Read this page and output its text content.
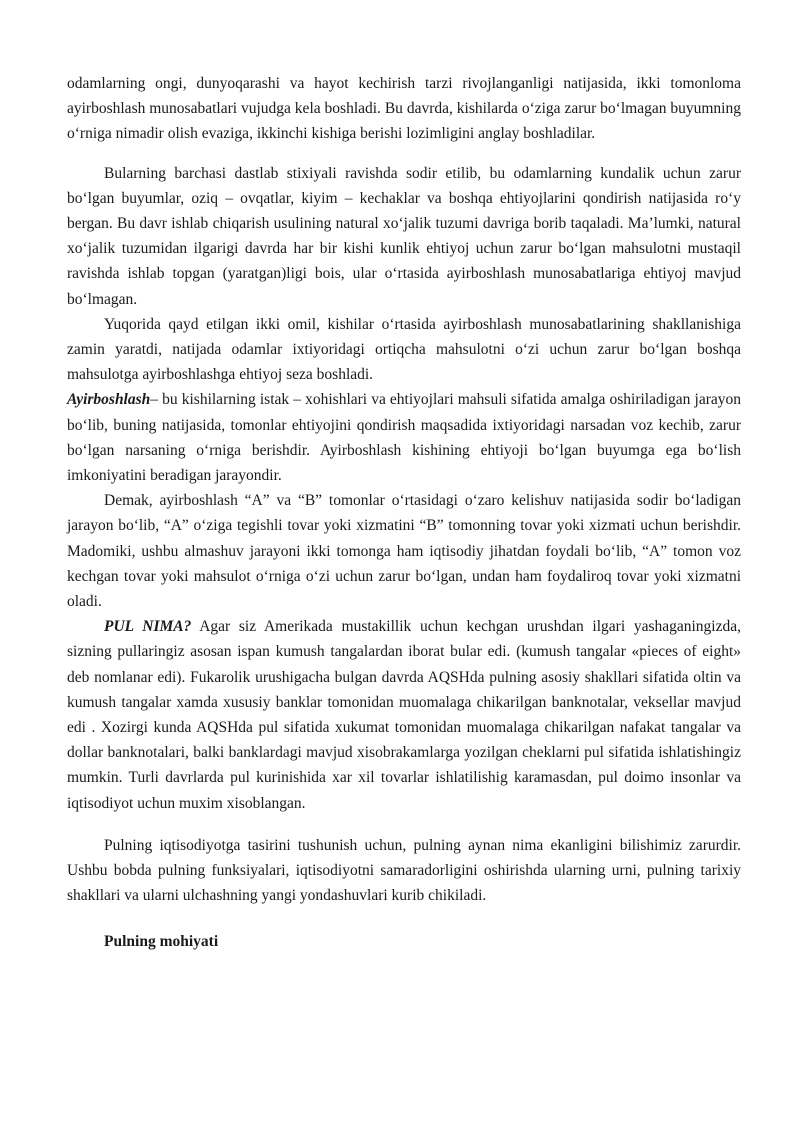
odamlarning ongi, dunyoqarashi va hayot kechirish tarzi rivojlanganligi natijasida, ikki tomonloma ayirboshlash munosabatlari vujudga kela boshladi. Bu davrda, kishilarda o‘ziga zarur bo‘lmagan buyumning o‘rniga nimadir olish evaziga, ikkinchi kishiga berishi lozimligini anglay boshladilar.

Bularning barchasi dastlab stixiyali ravishda sodir etilib, bu odamlarning kundalik uchun zarur bo‘lgan buyumlar, oziq – ovqatlar, kiyim – kechaklar va boshqa ehtiyojlarini qondirish natijasida ro‘y bergan. Bu davr ishlab chiqarish usulining natural xo‘jalik tuzumi davriga borib taqaladi. Ma’lumki, natural xo‘jalik tuzumidan ilgarigi davrda har bir kishi kunlik ehtiyoj uchun zarur bo‘lgan mahsulotni mustaqil ravishda ishlab topgan (yaratgan)ligi bois, ular o‘rtasida ayirboshlash munosabatlariga ehtiyoj mavjud bo‘lmagan.

Yuqorida qayd etilgan ikki omil, kishilar o‘rtasida ayirboshlash munosabatlarining shakllanishiga zamin yaratdi, natijada odamlar ixtiyoridagi ortiqcha mahsulotni o‘zi uchun zarur bo‘lgan boshqa mahsulotga ayirboshlashga ehtiyoj seza boshladi.

Ayirboshlash– bu kishilarning istak – xohishlari va ehtiyojlari mahsuli sifatida amalga oshiriladigan jarayon bo‘lib, buning natijasida, tomonlar ehtiyojini qondirish maqsadida ixtiyoridagi narsadan voz kechib, zarur bo‘lgan narsaning o‘rniga berishdir. Ayirboshlash kishining ehtiyoji bo‘lgan buyumga ega bo‘lish imkoniyatini beradigan jarayondir.

Demak, ayirboshlash “A” va “B” tomonlar o‘rtasidagi o‘zaro kelishuv natijasida sodir bo‘ladigan jarayon bo‘lib, “A” o‘ziga tegishli tovar yoki xizmatini “B” tomonning tovar yoki xizmati uchun berishdir. Madomiki, ushbu almashuv jarayoni ikki tomonga ham iqtisodiy jihatdan foydali bo‘lib, “A” tomon voz kechgan tovar yoki mahsulot o‘rniga o‘zi uchun zarur bo‘lgan, undan ham foydaliroq tovar yoki xizmatni oladi.

PUL NIMA? Agar siz Amerikada mustakillik uchun kechgan urushdan ilgari yashaganingizda, sizning pullaringiz asosan ispan kumush tangalardan iborat bular edi. (kumush tangalar «pieces of eight» deb nomlanar edi). Fukarolik urushigacha bulgan davrda AQSHda pulning asosiy shakllari sifatida oltin va kumush tangalar xamda xususiy banklar tomonidan muomalaga chikarilgan banknotalar, veksellar mavjud edi . Xozirgi kunda AQSHda pul sifatida xukumat tomonidan muomalaga chikarilgan nafakat tangalar va dollar banknotalari, balki banklardagi mavjud xisobrakamlarga yozilgan cheklarni pul sifatida ishlatishingiz mumkin. Turli davrlarda pul kurinishida xar xil tovarlar ishlatilishig karamasdan, pul doimo insonlar va iqtisodiyot uchun muxim xisoblangan.

Pulning iqtisodiyotga tasirini tushunish uchun, pulning aynan nima ekanligini bilishimiz zarurdir. Ushbu bobda pulning funksiyalari, iqtisodiyotni samaradorligini oshirishda ularning urni, pulning tarixiy shakllari va ularni ulchashning yangi yondashuvlari kurib chikiladi.

Pulning mohiyati
